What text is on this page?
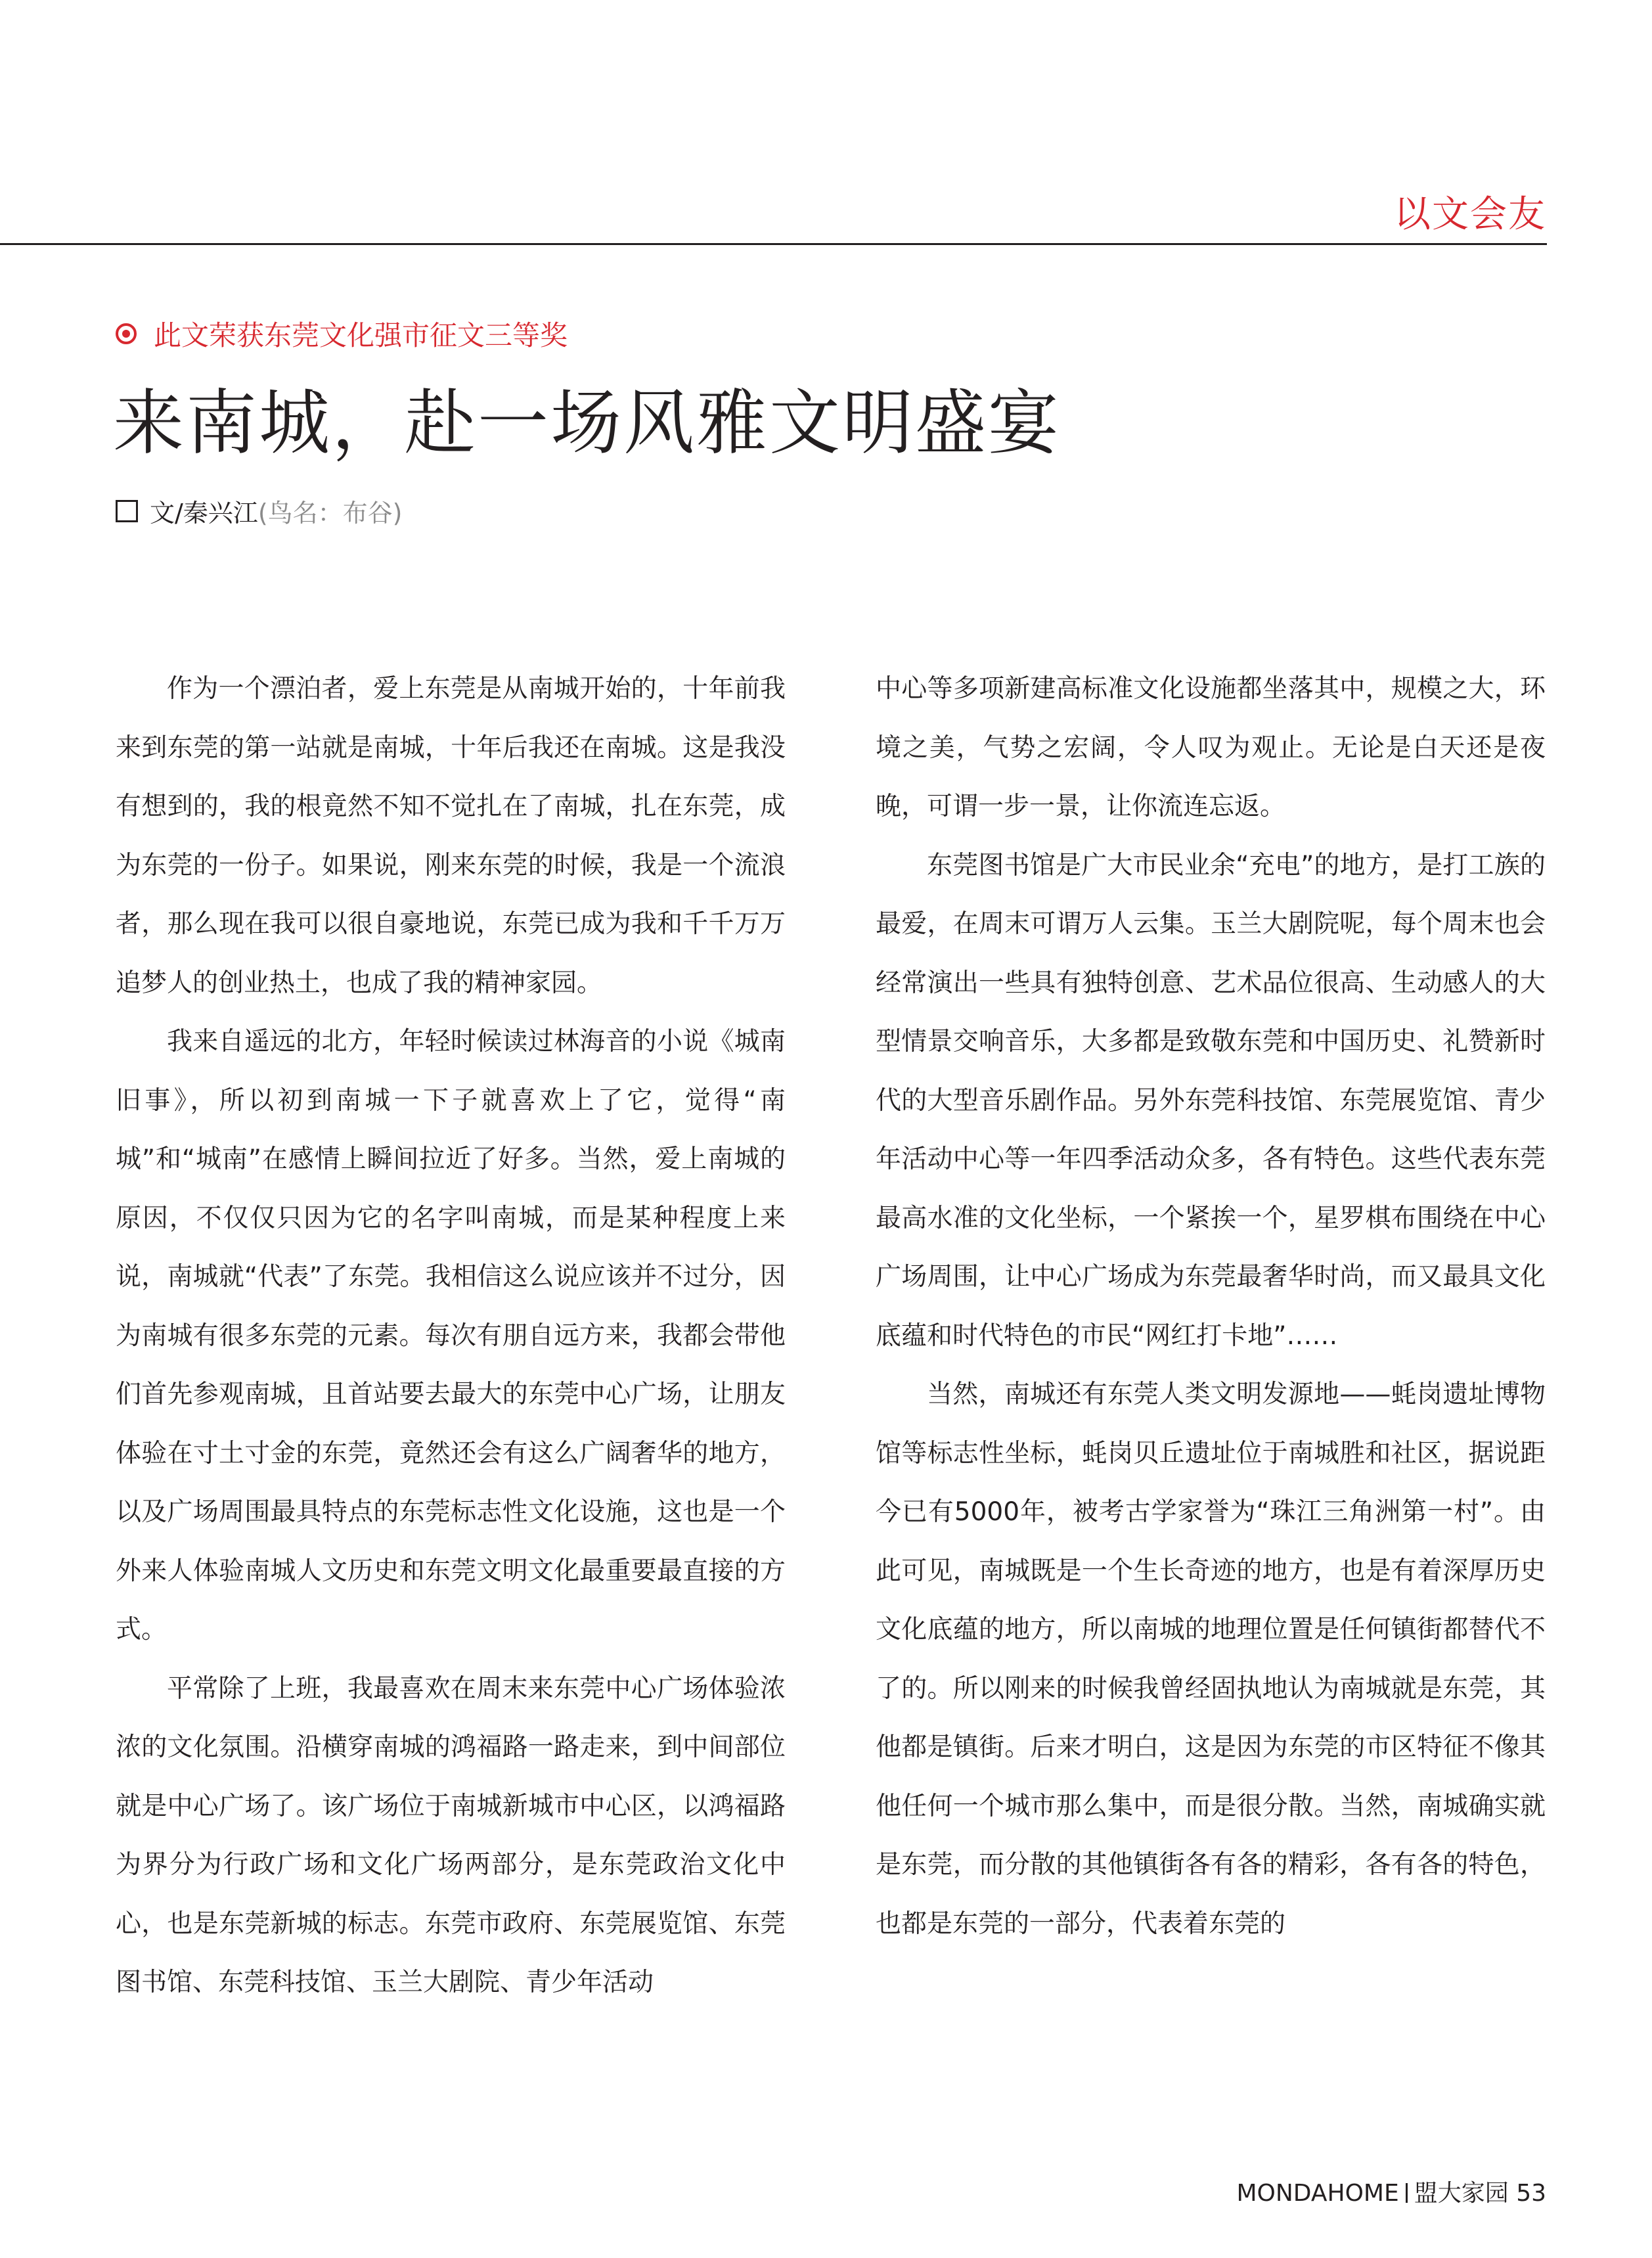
以文会友
此文荣获东莞文化强市征文三等奖
来南城，赴一场风雅文明盛宴
文/秦兴江 (鸟名：布谷)

作为一个漂泊者，爱上东莞是从南城开始的，十年前我来到东莞的第一站就是南城，十年后我还在南城。这是我没有想到的，我的根竟然不知不觉扎在了南城，扎在东莞，成为东莞的一份子。如果说，刚来东莞的时候，我是一个流浪者，那么现在我可以很自豪地说，东莞已成为我和千千万万追梦人的创业热土，也成了我的精神家园。

我来自遥远的北方，年轻时候读过林海音的小说《城南旧事》，所以初到南城一下子就喜欢上了它，觉得“南城”和“城南”在感情上瞬间拉近了好多。当然，爱上南城的原因，不仅仅只因为它的名字叫南城，而是某种程度上来说，南城就“代表”了东莞。我相信这么说应该并不过分，因为南城有很多东莞的元素。每次有朋自远方来，我都会带他们首先参观南城，且首站要去最大的东莞中心广场，让朋友体验在寸土寸金的东莞，竟然还会有这么广阔奢华的地方，以及广场周围最具特点的东莞标志性文化设施，这也是一个外来人体验南城人文历史和东莞文明文化最重要最直接的方式。

平常除了上班，我最喜欢在周末来东莞中心广场体验浓浓的文化氛围。沿横穿南城的鸿福路一路走来，到中间部位就是中心广场了。该广场位于南城新城市中心区，以鸿福路为界分为行政广场和文化广场两部分，是东莞政治文化中心，也是东莞新城的标志。东莞市政府、东莞展览馆、东莞图书馆、东莞科技馆、玉兰大剧院、青少年活动

中心等多项新建高标准文化设施都坐落其中，规模之大，环境之美，气势之宏阔，令人叹为观止。无论是白天还是夜晚，可谓一步一景，让你流连忘返。

东莞图书馆是广大市民业余“充电”的地方，是打工族的最爱，在周末可谓万人云集。玉兰大剧院呢，每个周末也会经常演出一些具有独特创意、艺术品位很高、生动感人的大型情景交响音乐，大多都是致敬东莞和中国历史、礼赞新时代的大型音乐剧作品。另外东莞科技馆、东莞展览馆、青少年活动中心等一年四季活动众多，各有特色。这些代表东莞最高水准的文化坐标，一个紧挨一个，星罗棋布围绕在中心广场周围，让中心广场成为东莞最奢华时尚，而又最具文化底蕴和时代特色的市民“网红打卡地”……

当然，南城还有东莞人类文明发源地——蚝岗遗址博物馆等标志性坐标，蚝岗贝丘遗址位于南城胜和社区，据说距今已有5000年，被考古学家誉为“珠江三角洲第一村”。由此可见，南城既是一个生长奇迹的地方，也是有着深厚历史文化底蕴的地方，所以南城的地理位置是任何镇街都替代不了的。所以刚来的时候我曾经固执地认为南城就是东莞，其他都是镇街。后来才明白，这是因为东莞的市区特征不像其他任何一个城市那么集中，而是很分散。当然，南城确实就是东莞，而分散的其他镇街各有各的精彩，各有各的特色，也都是东莞的一部分，代表着东莞的

MONDAHOME 盟大家园 53
